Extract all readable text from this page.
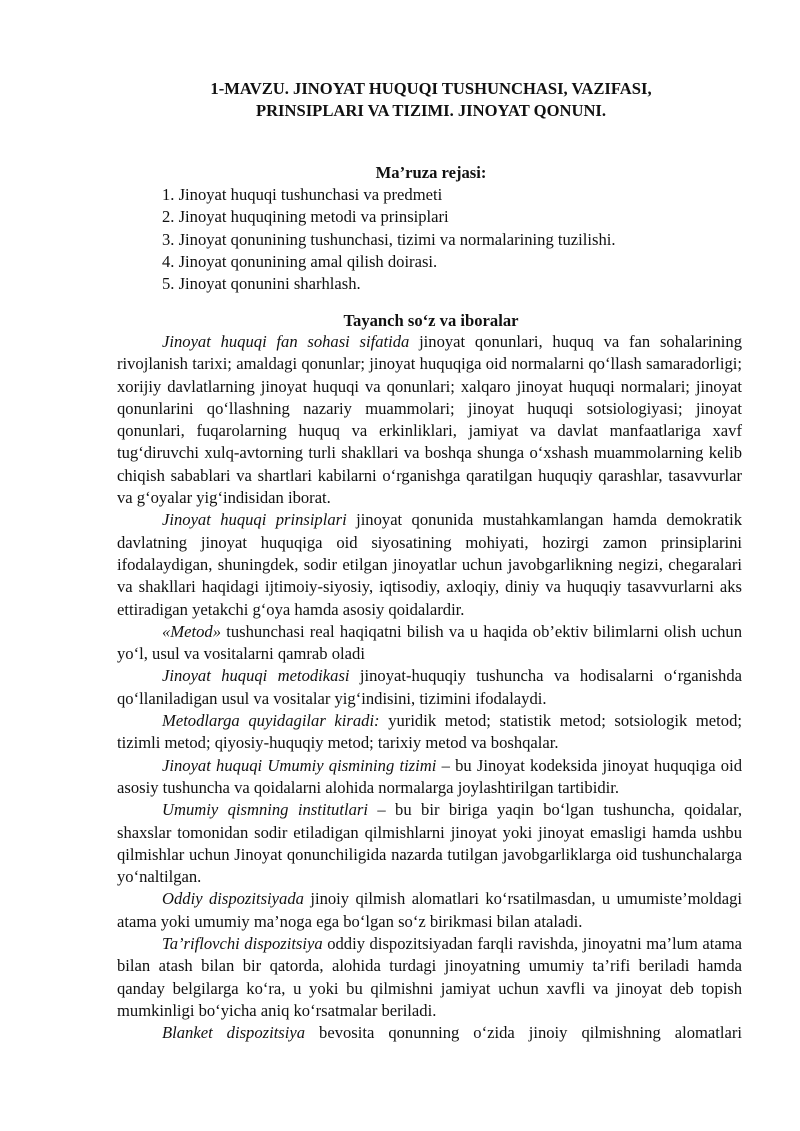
1-MAVZU. JINOYAT HUQUQI TUSHUNCHASI, VAZIFASI,
PRINSIPLARI VA TIZIMI. JINOYAT QONUNI.
Ma’ruza rejasi:
1. Jinoyat huquqi tushunchasi va predmeti
2. Jinoyat huquqining metodi va prinsiplari
3. Jinoyat qonunining tushunchasi, tizimi va normalarining tuzilishi.
4. Jinoyat qonunining amal qilish doirasi.
5. Jinoyat qonunini sharhlash.
Tayanch so‘z va iboralar

Jinoyat huquqi fan sohasi sifatida jinoyat qonunlari, huquq va fan sohalarining rivojlanish tarixi; amaldagi qonunlar; jinoyat huquqiga oid normalarni qo‘llash samaradorligi; xorijiy davlatlarning jinoyat huquqi va qonunlari; xalqaro jinoyat huquqi normalari; jinoyat qonunlarini qo‘llashning nazariy muammolari; jinoyat huquqi sotsiologiyasi; jinoyat qonunlari, fuqarolarning huquq va erkinliklari, jamiyat va davlat manfaatlariga xavf tug‘diruvchi xulq-avtorning turli shakllari va boshqa shunga o‘xshash muammolarning kelib chiqish sabablari va shartlari kabilarni o‘rganishga qaratilgan huquqiy qarashlar, tasavvurlar va g‘oyalar yig‘indisidan iborat.

Jinoyat huquqi prinsiplari jinoyat qonunida mustahkamlangan hamda demokratik davlatning jinoyat huquqiga oid siyosatining mohiyati, hozirgi zamon prinsiplarini ifodalaydigan, shuningdek, sodir etilgan jinoyatlar uchun javobgarlikning negizi, chegaralari va shakllari haqidagi ijtimoiy-siyosiy, iqtisodiy, axloqiy, diniy va huquqiy tasavvurlarni aks ettiradigan yetakchi g‘oya hamda asosiy qoidalardir.

«Metod» tushunchasi real haqiqatni bilish va u haqida ob’ektiv bilimlarni olish uchun yo‘l, usul va vositalarni qamrab oladi

Jinoyat huquqi metodikasi jinoyat-huquqiy tushuncha va hodisalarni o‘rganishda qo‘llaniladigan usul va vositalar yig‘indisini, tizimini ifodalaydi.

Metodlarga quyidagilar kiradi: yuridik metod; statistik metod; sotsiologik metod; tizimli metod; qiyosiy-huquqiy metod; tarixiy metod va boshqalar.

Jinoyat huquqi Umumiy qismining tizimi – bu Jinoyat kodeksida jinoyat huquqiga oid asosiy tushuncha va qoidalarni alohida normalarga joylashtirilgan tartibidir.

Umumiy qismning institutlari – bu bir biriga yaqin bo‘lgan tushuncha, qoidalar, shaxslar tomonidan sodir etiladigan qilmishlarni jinoyat yoki jinoyat emasligi hamda ushbu qilmishlar uchun Jinoyat qonunchiligida nazarda tutilgan javobgarliklarga oid tushunchalarga yo‘naltilgan.

Oddiy dispozitsiyada jinoiy qilmish alomatlari ko‘rsatilmasdan, u umumiste’moldagi atama yoki umumiy ma’noga ega bo‘lgan so‘z birikmasi bilan ataladi.

Ta’riflovchi dispozitsiya oddiy dispozitsiyadan farqli ravishda, jinoyatni ma’lum atama bilan atash bilan bir qatorda, alohida turdagi jinoyatning umumiy ta’rifi beriladi hamda qanday belgilarga ko‘ra, u yoki bu qilmishni jamiyat uchun xavfli va jinoyat deb topish mumkinligi bo‘yicha aniq ko‘rsatmalar beriladi.

Blanket dispozitsiya bevosita qonunning o‘zida jinoiy qilmishning alomatlari
